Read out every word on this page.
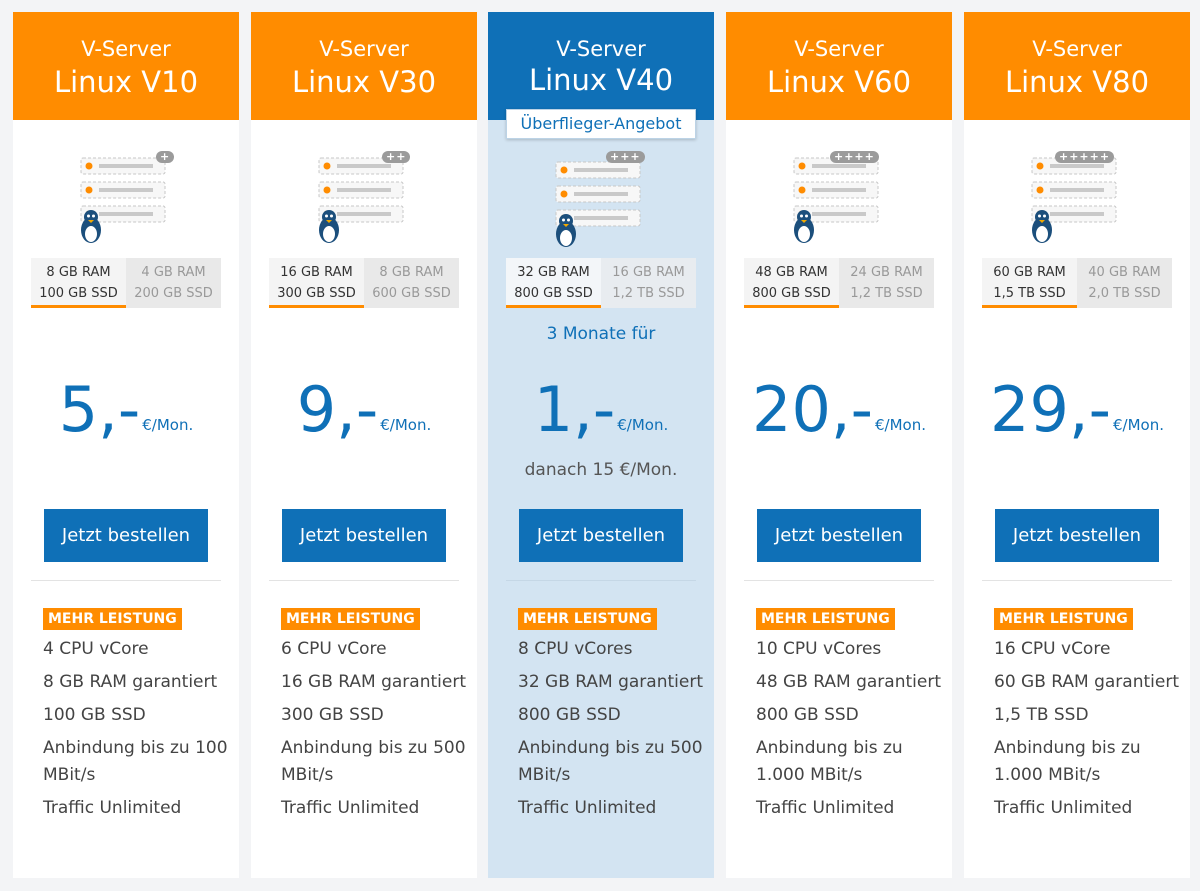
V-Server
Linux V10
+
8 GB RAM
100 GB SSD
4 GB RAM
200 GB SSD
5,- €/Mon.
Jetzt bestellen
MEHR LEISTUNG
4 CPU vCore
8 GB RAM garantiert
100 GB SSD
Anbindung bis zu 100 MBit/s
Traffic Unlimited
V-Server
Linux V30
++
16 GB RAM
300 GB SSD
8 GB RAM
600 GB SSD
9,- €/Mon.
Jetzt bestellen
MEHR LEISTUNG
6 CPU vCore
16 GB RAM garantiert
300 GB SSD
Anbindung bis zu 500 MBit/s
Traffic Unlimited
V-Server
Linux V40
Überflieger-Angebot
+++
32 GB RAM
800 GB SSD
16 GB RAM
1,2 TB SSD
3 Monate für
1,- €/Mon.
danach 15 €/Mon.
Jetzt bestellen
MEHR LEISTUNG
8 CPU vCores
32 GB RAM garantiert
800 GB SSD
Anbindung bis zu 500 MBit/s
Traffic Unlimited
V-Server
Linux V60
++++
48 GB RAM
800 GB SSD
24 GB RAM
1,2 TB SSD
20,- €/Mon.
Jetzt bestellen
MEHR LEISTUNG
10 CPU vCores
48 GB RAM garantiert
800 GB SSD
Anbindung bis zu 1.000 MBit/s
Traffic Unlimited
V-Server
Linux V80
+++++
60 GB RAM
1,5 TB SSD
40 GB RAM
2,0 TB SSD
29,- €/Mon.
Jetzt bestellen
MEHR LEISTUNG
16 CPU vCore
60 GB RAM garantiert
1,5 TB SSD
Anbindung bis zu 1.000 MBit/s
Traffic Unlimited
